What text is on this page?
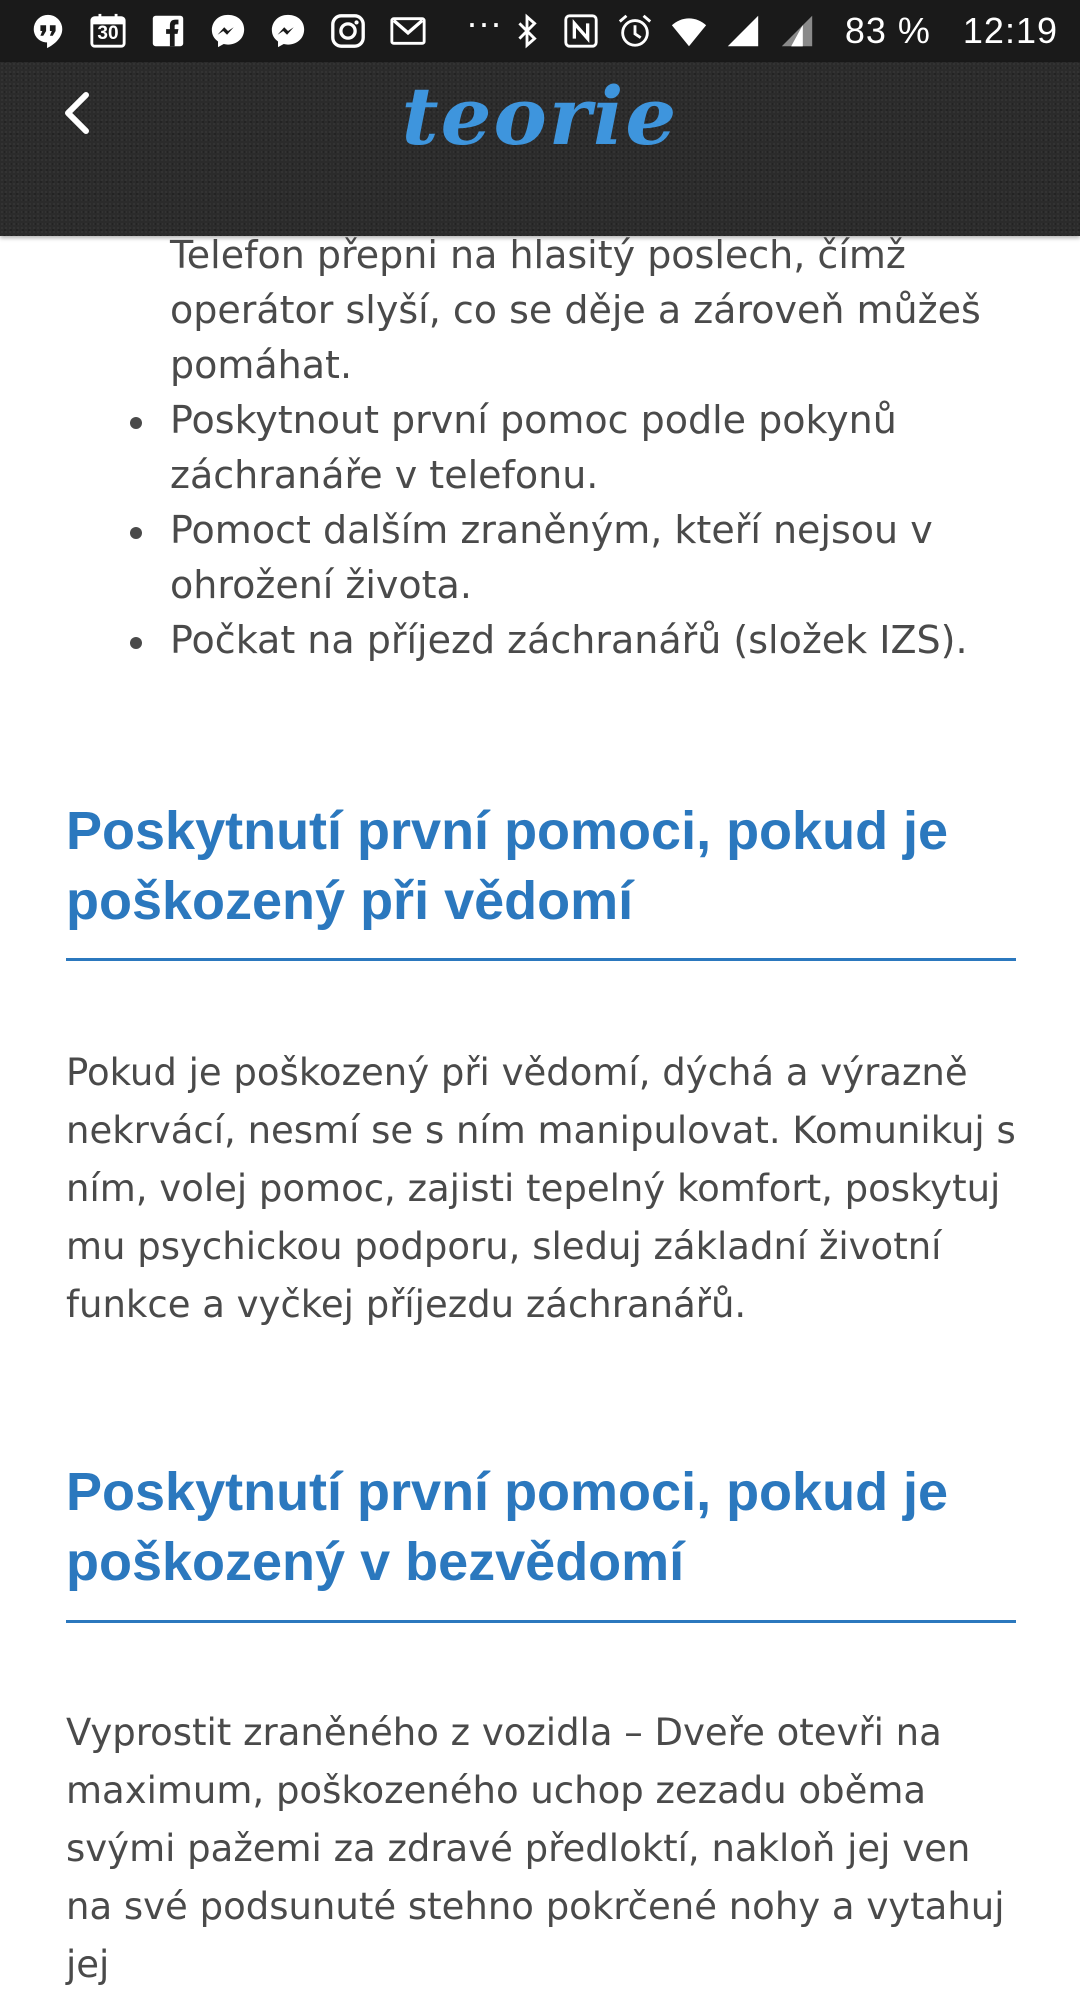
30	···	83 % 12:19
teorie
Telefon přepni na hlasitý poslech, čímž operátor slyší, co se děje a zároveň můžeš pomáhat.
Poskytnout první pomoc podle pokynů záchranáře v telefonu.
Pomoct dalším zraněným, kteří nejsou v ohrožení života.
Počkat na příjezd záchranářů (složek IZS).
Poskytnutí první pomoci, pokud je poškozený při vědomí

Pokud je poškozený při vědomí, dýchá a výrazně nekrvácí, nesmí se s ním manipulovat. Komunikuj s ním, volej pomoc, zajisti tepelný komfort, poskytuj mu psychickou podporu, sleduj základní životní funkce a vyčkej příjezdu záchranářů.

Poskytnutí první pomoci, pokud je poškozený v bezvědomí

Vyprostit zraněného z vozidla – Dveře otevři na maximum, poškozeného uchop zezadu oběma svými pažemi za zdravé předloktí, nakloň jej ven na své podsunuté stehno pokrčené nohy a vytahuj jej
